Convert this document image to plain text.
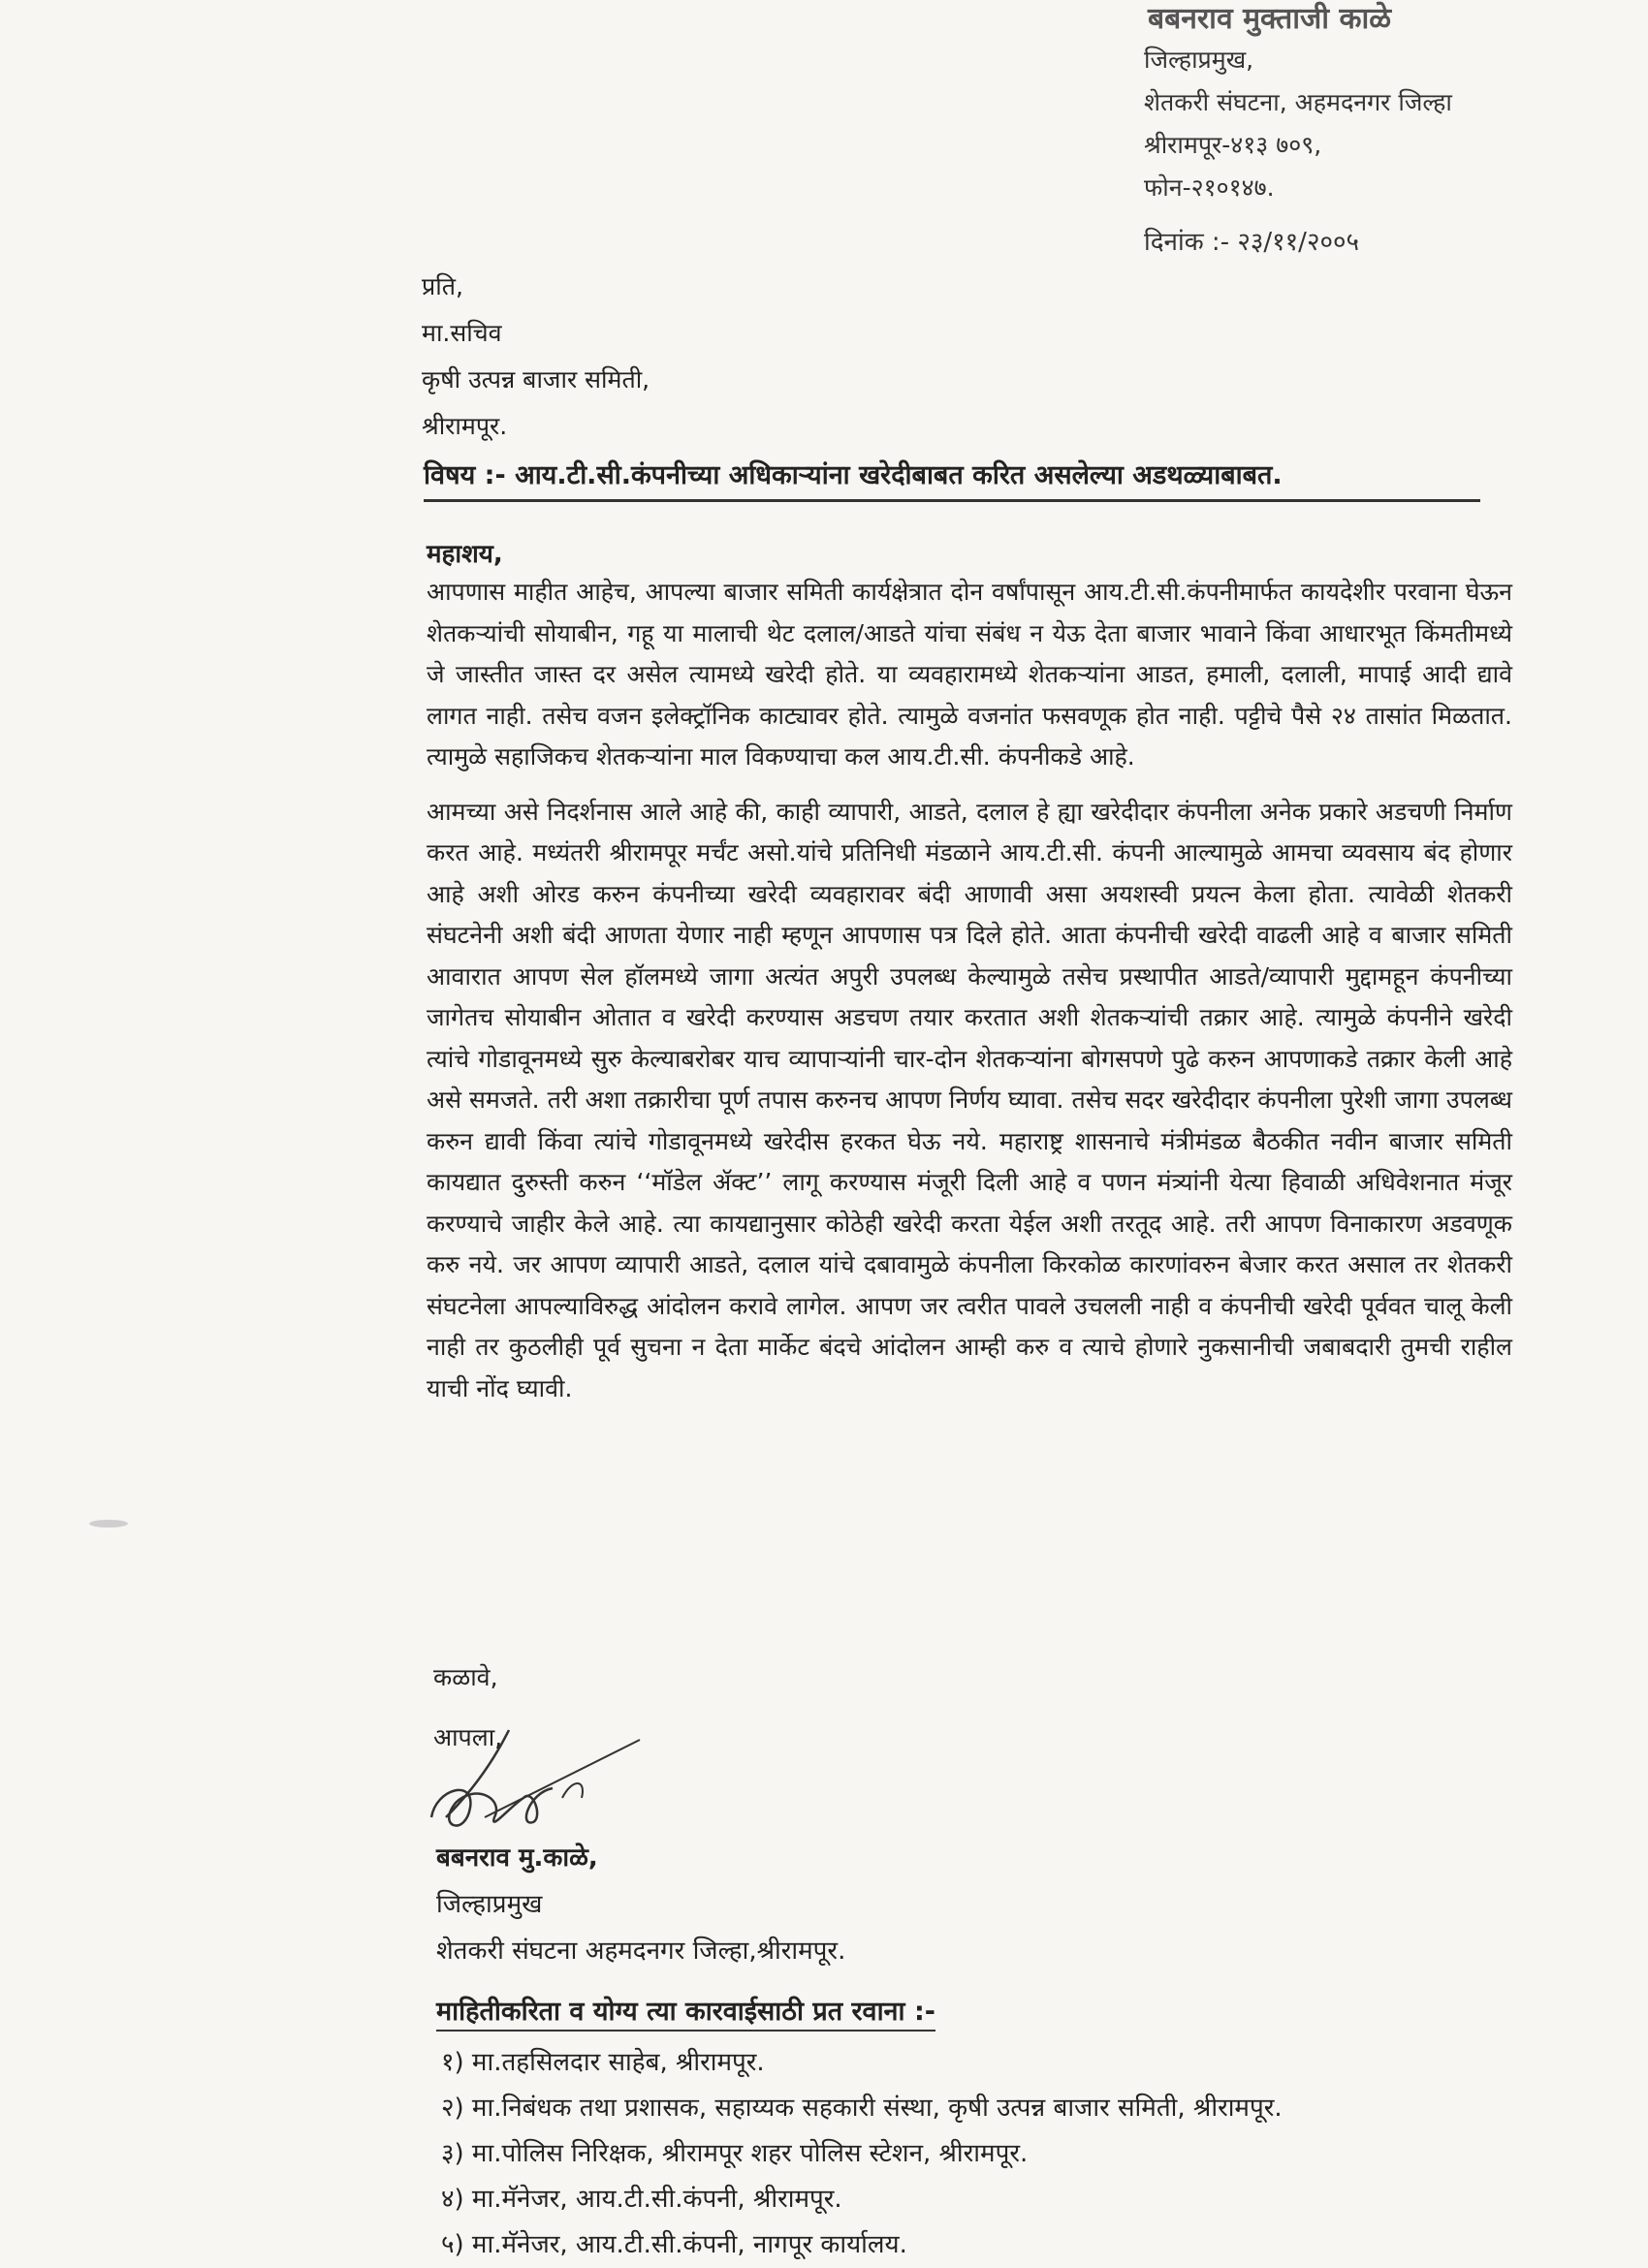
बबनराव मुक्ताजी काळे
जिल्हाप्रमुख,
शेतकरी संघटना, अहमदनगर जिल्हा
श्रीरामपूर-४१३ ७०९,
फोन-२१०१४७.
दिनांक :- २३/११/२००५
प्रति,
मा.सचिव
कृषी उत्पन्न बाजार समिती,
श्रीरामपूर.
विषय :- आय.टी.सी.कंपनीच्या अधिकाऱ्यांना खरेदीबाबत करित असलेल्या अडथळ्याबाबत.
महाशय,

आपणास माहीत आहेच, आपल्या बाजार समिती कार्यक्षेत्रात दोन वर्षांपासून आय.टी.सी.कंपनीमार्फत कायदेशीर परवाना घेऊन शेतकऱ्यांची सोयाबीन, गहू या मालाची थेट दलाल/आडते यांचा संबंध न येऊ देता बाजार भावाने किंवा आधारभूत किंमतीमध्ये जे जास्तीत जास्त दर असेल त्यामध्ये खरेदी होते. या व्यवहारामध्ये शेतकऱ्यांना आडत, हमाली, दलाली, मापाई आदी द्यावे लागत नाही. तसेच वजन इलेक्ट्रॉनिक काट्यावर होते. त्यामुळे वजनांत फसवणूक होत नाही. पट्टीचे पैसे २४ तासांत मिळतात. त्यामुळे सहाजिकच शेतकऱ्यांना माल विकण्याचा कल आय.टी.सी. कंपनीकडे आहे.

आमच्या असे निदर्शनास आले आहे की, काही व्यापारी, आडते, दलाल हे ह्या खरेदीदार कंपनीला अनेक प्रकारे अडचणी निर्माण करत आहे. मध्यंतरी श्रीरामपूर मर्चंट असो.यांचे प्रतिनिधी मंडळाने आय.टी.सी. कंपनी आल्यामुळे आमचा व्यवसाय बंद होणार आहे अशी ओरड करुन कंपनीच्या खरेदी व्यवहारावर बंदी आणावी असा अयशस्वी प्रयत्न केला होता. त्यावेळी शेतकरी संघटनेनी अशी बंदी आणता येणार नाही म्हणून आपणास पत्र दिले होते. आता कंपनीची खरेदी वाढली आहे व बाजार समिती आवारात आपण सेल हॉलमध्ये जागा अत्यंत अपुरी उपलब्ध केल्यामुळे तसेच प्रस्थापीत आडते/व्यापारी मुद्दामहून कंपनीच्या जागेतच सोयाबीन ओतात व खरेदी करण्यास अडचण तयार करतात अशी शेतकऱ्यांची तक्रार आहे. त्यामुळे कंपनीने खरेदी त्यांचे गोडावूनमध्ये सुरु केल्याबरोबर याच व्यापाऱ्यांनी चार-दोन शेतकऱ्यांना बोगसपणे पुढे करुन आपणाकडे तक्रार केली आहे असे समजते. तरी अशा तक्रारीचा पूर्ण तपास करुनच आपण निर्णय घ्यावा. तसेच सदर खरेदीदार कंपनीला पुरेशी जागा उपलब्ध करुन द्यावी किंवा त्यांचे गोडावूनमध्ये खरेदीस हरकत घेऊ नये. महाराष्ट्र शासनाचे मंत्रीमंडळ बैठकीत नवीन बाजार समिती कायद्यात दुरुस्ती करुन ‘‘मॉडेल ॲक्ट’’ लागू करण्यास मंजूरी दिली आहे व पणन मंत्र्यांनी येत्या हिवाळी अधिवेशनात मंजूर करण्याचे जाहीर केले आहे. त्या कायद्यानुसार कोठेही खरेदी करता येईल अशी तरतूद आहे. तरी आपण विनाकारण अडवणूक करु नये. जर आपण व्यापारी आडते, दलाल यांचे दबावामुळे कंपनीला किरकोळ कारणांवरुन बेजार करत असाल तर शेतकरी संघटनेला आपल्याविरुद्ध आंदोलन करावे लागेल. आपण जर त्वरीत पावले उचलली नाही व कंपनीची खरेदी पूर्ववत चालू केली नाही तर कुठलीही पूर्व सुचना न देता मार्केट बंदचे आंदोलन आम्ही करु व त्याचे होणारे नुकसानीची जबाबदारी तुमची राहील याची नोंद घ्यावी.

कळावे,
आपला,
बबनराव मु.काळे,
जिल्हाप्रमुख
शेतकरी संघटना अहमदनगर जिल्हा,श्रीरामपूर.
माहितीकरिता व योग्य त्या कारवाईसाठी प्रत रवाना :-
१) मा.तहसिलदार साहेब, श्रीरामपूर.
२) मा.निबंधक तथा प्रशासक, सहाय्यक सहकारी संस्था, कृषी उत्पन्न बाजार समिती, श्रीरामपूर.
३) मा.पोलिस निरिक्षक, श्रीरामपूर शहर पोलिस स्टेशन, श्रीरामपूर.
४) मा.मॅनेजर, आय.टी.सी.कंपनी, श्रीरामपूर.
५) मा.मॅनेजर, आय.टी.सी.कंपनी, नागपूर कार्यालय.
